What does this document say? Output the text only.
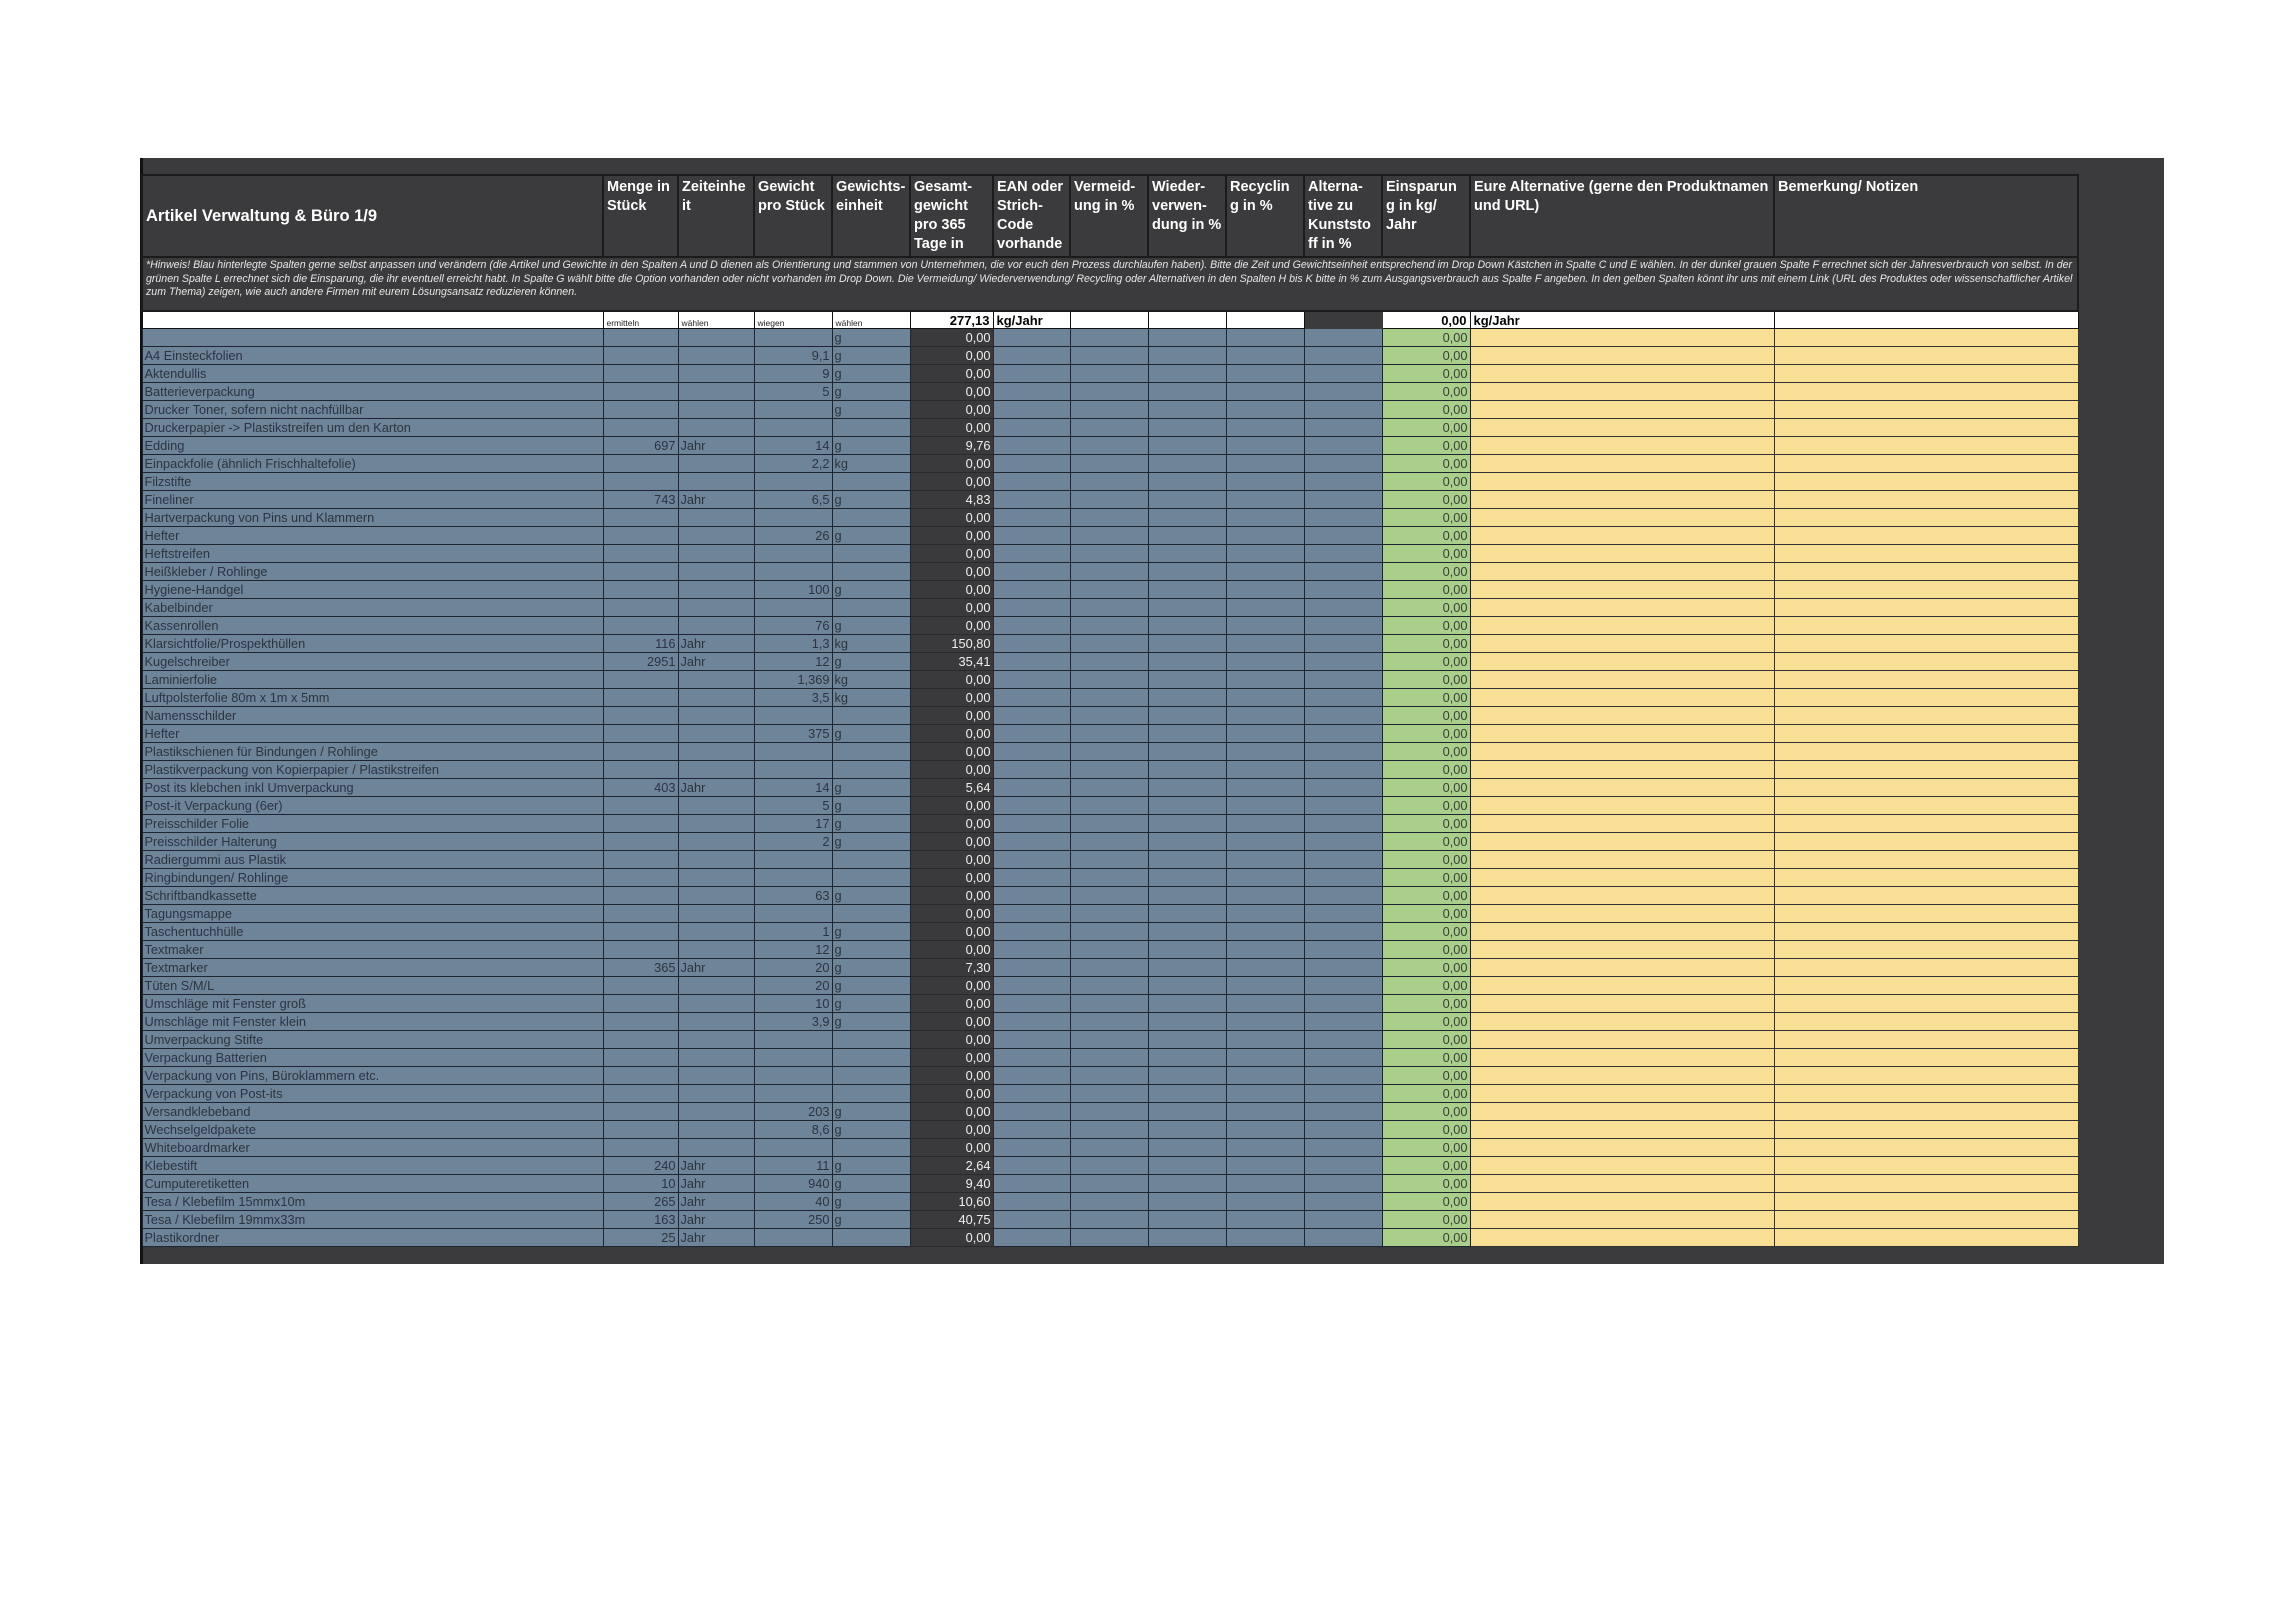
Artikel Verwaltung & Büro 1/9	Menge in Stück	Zeiteinhe it	Gewicht pro Stück	Gewichts- einheit	Gesamt- gewicht pro 365 Tage in	EAN oder Strich- Code vorhande	Vermeid- ung in %	Wieder- verwen- dung in %	Recyclin g in %	Alterna- tive zu Kunststo ff in %	Einsparun g in kg/ Jahr	Eure Alternative (gerne den Produktnamen und URL)	Bemerkung/ Notizen
*Hinweis! Blau hinterlegte Spalten gerne selbst anpassen und verändern (die Artikel und Gewichte in den Spalten A und D dienen als Orientierung und stammen von Unternehmen, die vor euch den Prozess durchlaufen haben). Bitte die Zeit und Gewichtseinheit entsprechend im Drop Down Kästchen in Spalte C und E wählen. In der dunkel grauen Spalte F errechnet sich der Jahresverbrauch von selbst. In der grünen Spalte L errechnet sich die Einsparung, die ihr eventuell erreicht habt. In Spalte G wählt bitte die Option vorhanden oder nicht vorhanden im Drop Down. Die Vermeidung/ Wiederverwendung/ Recycling oder Alternativen in den Spalten H bis K bitte in % zum Ausgangsverbrauch aus Spalte F angeben. In den gelben Spalten könnt ihr uns mit einem Link (URL des Produktes oder wissenschaftlicher Artikel zum Thema) zeigen, wie auch andere Firmen mit eurem Lösungsansatz reduzieren können.													
	ermitteln	wählen	wiegen	wählen	277,13	kg/Jahr					0,00	kg/Jahr	
				g	0,00						0,00		
A4 Einsteckfolien			9,1	g	0,00						0,00		
Aktendullis			9	g	0,00						0,00		
Batterieverpackung			5	g	0,00						0,00		
Drucker Toner, sofern nicht nachfüllbar				g	0,00						0,00		
Druckerpapier -> Plastikstreifen um den Karton					0,00						0,00		
Edding	697	Jahr	14	g	9,76						0,00		
Einpackfolie (ähnlich Frischhaltefolie)			2,2	kg	0,00						0,00		
Filzstifte					0,00						0,00		
Fineliner	743	Jahr	6,5	g	4,83						0,00		
Hartverpackung von Pins und Klammern					0,00						0,00		
Hefter			26	g	0,00						0,00		
Heftstreifen					0,00						0,00		
Heißkleber / Rohlinge					0,00						0,00		
Hygiene-Handgel			100	g	0,00						0,00		
Kabelbinder					0,00						0,00		
Kassenrollen			76	g	0,00						0,00		
Klarsichtfolie/Prospekthüllen	116	Jahr	1,3	kg	150,80						0,00		
Kugelschreiber	2951	Jahr	12	g	35,41						0,00		
Laminierfolie			1,369	kg	0,00						0,00		
Luftpolsterfolie 80m x 1m x 5mm			3,5	kg	0,00						0,00		
Namensschilder					0,00						0,00		
Hefter			375	g	0,00						0,00		
Plastikschienen für Bindungen / Rohlinge					0,00						0,00		
Plastikverpackung von Kopierpapier / Plastikstreifen					0,00						0,00		
Post its klebchen inkl Umverpackung	403	Jahr	14	g	5,64						0,00		
Post-it Verpackung (6er)			5	g	0,00						0,00		
Preisschilder Folie			17	g	0,00						0,00		
Preisschilder Halterung			2	g	0,00						0,00		
Radiergummi aus Plastik					0,00						0,00		
Ringbindungen/ Rohlinge					0,00						0,00		
Schriftbandkassette			63	g	0,00						0,00		
Tagungsmappe					0,00						0,00		
Taschentuchhülle			1	g	0,00						0,00		
Textmaker			12	g	0,00						0,00		
Textmarker	365	Jahr	20	g	7,30						0,00		
Tüten S/M/L			20	g	0,00						0,00		
Umschläge mit Fenster groß			10	g	0,00						0,00		
Umschläge mit Fenster klein			3,9	g	0,00						0,00		
Umverpackung Stifte					0,00						0,00		
Verpackung Batterien					0,00						0,00		
Verpackung von Pins, Büroklammern etc.					0,00						0,00		
Verpackung von Post-its					0,00						0,00		
Versandklebeband			203	g	0,00						0,00		
Wechselgeldpakete			8,6	g	0,00						0,00		
Whiteboardmarker					0,00						0,00		
Klebestift	240	Jahr	11	g	2,64						0,00		
Cumputeretiketten	10	Jahr	940	g	9,40						0,00		
Tesa / Klebefilm 15mmx10m	265	Jahr	40	g	10,60						0,00		
Tesa / Klebefilm 19mmx33m	163	Jahr	250	g	40,75						0,00		
Plastikordner	25	Jahr			0,00						0,00		
